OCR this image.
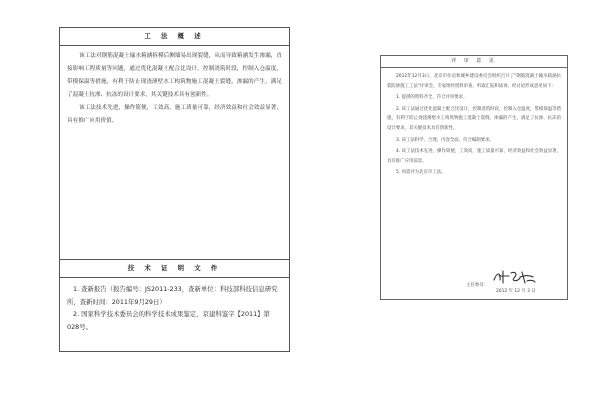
工 法 概 述

该工法对钢筋混凝土输水箱涵拆模后侧墙易出现裂缝，从而导致箱涵发生渗漏，直接影响工程质量等问题，通过优化混凝土配合比设计，控制浇筑时段，控制入仓温度，带模保温等措施，有利于防止现浇薄壁水工构筑物施工混凝土裂缝、渗漏的产生，满足了混凝土抗渗、抗冻的设计要求，其关键技术具有创新性。

该工法技术先进，操作简便，工效高，施工质量可靠，经济效益和社会效益显著，具有推广应用价值。

技 术 证 明 文 件

1. 查新报告（报告编号：JS2011-233，查新单位：科技部科技信息研究所，查新时间：2011年9月29日）

2. 国家科学技术委员会的科学技术成果鉴定，京建科鉴字【2011】第028号。

评 审 意 见

2012年12月3日，北京市住房和城乡建设委员会组织召开了"钢筋混凝土输水箱涵抗裂防渗施工工法"评审会，专家组经资料审查、听取汇报和质询，经讨论形成意见如下：

1. 提供的资料齐全，符合评审要求。

2. 该工法通过优化混凝土配合比设计，控制浇筑时段，控制入仓温度，带模保温等措施，有利于防止现浇薄壁水工构筑物施工混凝土裂缝、渗漏的产生，满足了抗渗、抗冻的设计要求，其关键技术具有创新性。

3. 该工法科学，合理，内容全面，符合编制要求。

4. 该工法技术先进，操作简便，工效高，施工质量可靠，经济效益和社会效益显著，具有推广应用前景。

5. 同意评为北京市工法。

主任委员：
2012 年 12 月 3 日
